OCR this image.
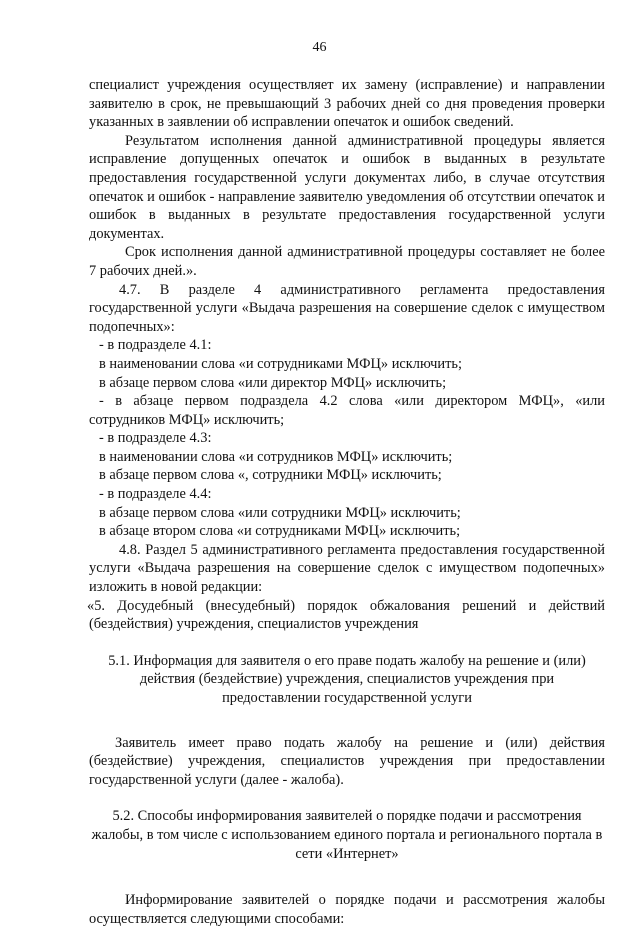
46

специалист учреждения осуществляет их замену (исправление) и направлении заявителю в срок, не превышающий 3 рабочих дней со дня проведения проверки указанных в заявлении об исправлении опечаток и ошибок сведений.

Результатом исполнения данной административной процедуры является исправление допущенных опечаток и ошибок в выданных в результате предоставления государственной услуги документах либо, в случае отсутствия опечаток и ошибок - направление заявителю уведомления об отсутствии опечаток и ошибок в выданных в результате предоставления государственной услуги документах.

Срок исполнения данной административной процедуры составляет не более 7 рабочих дней.».

4.7. В разделе 4 административного регламента предоставления государственной услуги «Выдача разрешения на совершение сделок с имуществом подопечных»:

- в подразделе 4.1:

в наименовании слова «и сотрудниками МФЦ» исключить;

в абзаце первом слова «или директор МФЦ» исключить;

- в абзаце первом подраздела 4.2 слова «или директором МФЦ», «или сотрудников МФЦ» исключить;

- в подразделе 4.3:

в наименовании слова «и сотрудников МФЦ» исключить;

в абзаце первом слова «, сотрудники МФЦ» исключить;

- в подразделе 4.4:

в абзаце первом слова «или сотрудники МФЦ» исключить;

в абзаце втором слова «и сотрудниками МФЦ» исключить;

4.8. Раздел 5 административного регламента предоставления государственной услуги «Выдача разрешения на совершение сделок с имуществом подопечных» изложить в новой редакции:

«5. Досудебный (внесудебный) порядок обжалования решений и действий (бездействия) учреждения, специалистов учреждения

5.1. Информация для заявителя о его праве подать жалобу на решение и (или) действия (бездействие) учреждения, специалистов учреждения при предоставлении государственной услуги

Заявитель имеет право подать жалобу на решение и (или) действия (бездействие) учреждения, специалистов учреждения при предоставлении государственной услуги (далее - жалоба).

5.2. Способы информирования заявителей о порядке подачи и рассмотрения жалобы, в том числе с использованием единого портала и регионального портала в сети «Интернет»

Информирование заявителей о порядке подачи и рассмотрения жалобы осуществляется следующими способами:
